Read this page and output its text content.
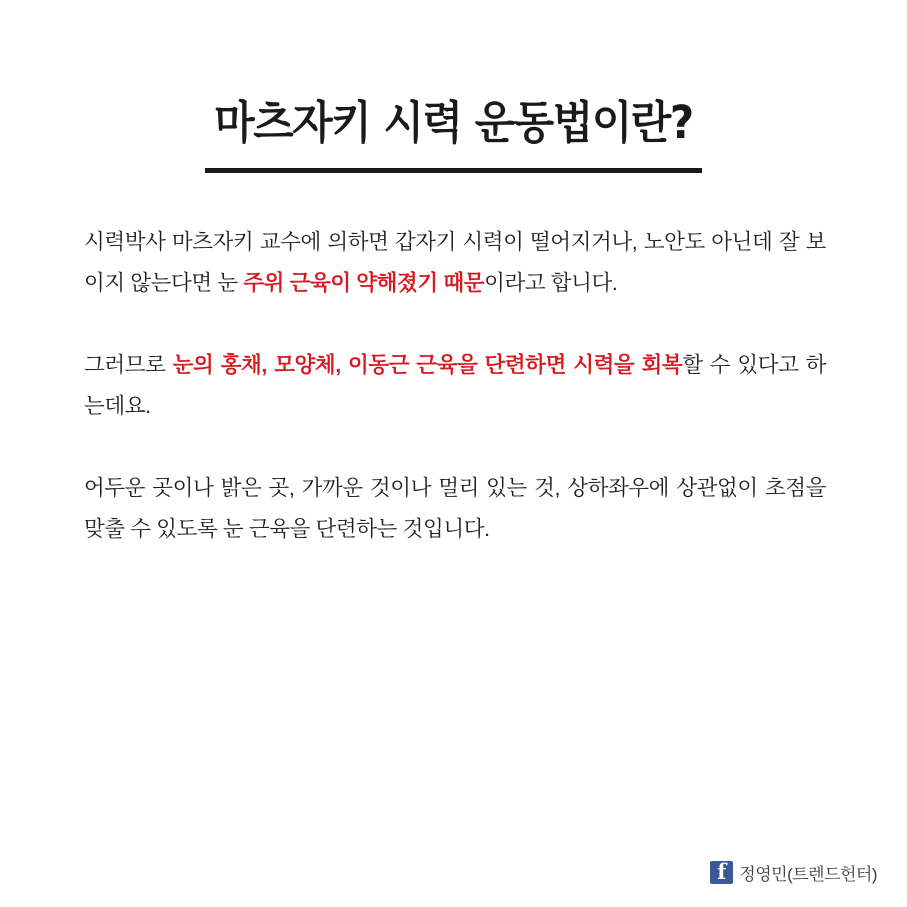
마츠자키 시력 운동법이란?

시력박사 마츠자키 교수에 의하면 갑자기 시력이 떨어지거나, 노안도 아닌데 잘 보이지 않는다면 눈 주위 근육이 약해졌기 때문이라고 합니다.

그러므로 눈의 홍채, 모양체, 이동근 근육을 단련하면 시력을 회복할 수 있다고 하는데요.

어두운 곳이나 밝은 곳, 가까운 것이나 멀리 있는 것, 상하좌우에 상관없이 초점을 맞출 수 있도록 눈 근육을 단련하는 것입니다.

f
정영민(트렌드헌터)
